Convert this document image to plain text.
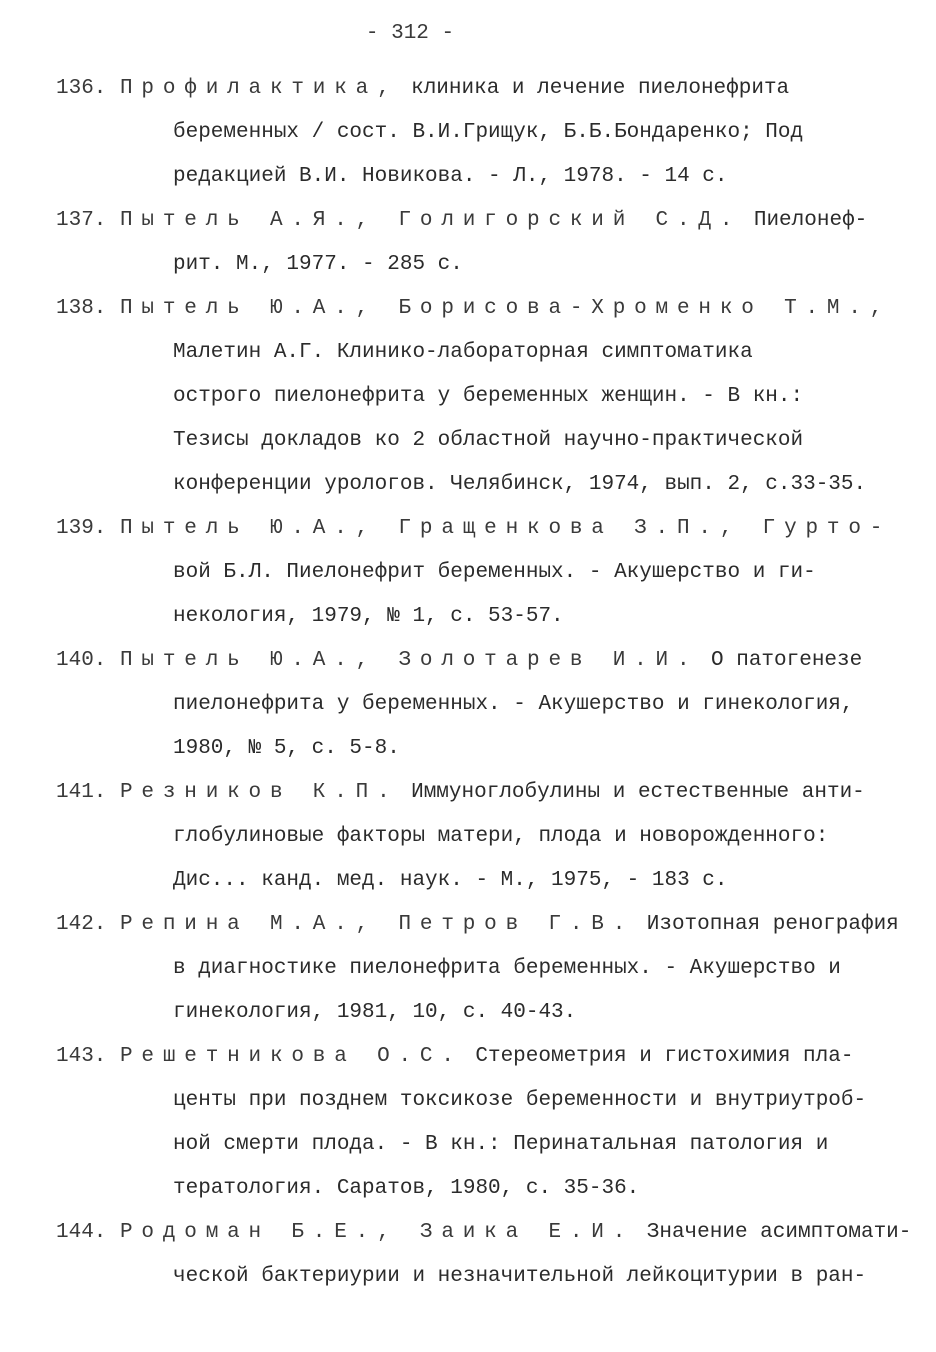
- 312 -
136. Профилактика, клиника и лечение пиелонефрита
беременных / сост. В.И.Грищук, Б.Б.Бондаренко; Под
редакцией В.И. Новикова. - Л., 1978. - 14 с.
137. Пытель А.Я., Голигорский С.Д. Пиелонеф-
рит. М., 1977. - 285 с.
138. Пытель Ю.А., Борисова-Хроменко Т.М.,
Малетин А.Г. Клинико-лабораторная симптоматика
острого пиелонефрита у беременных женщин. - В кн.:
Тезисы докладов ко 2 областной научно-практической
конференции урологов. Челябинск, 1974, вып. 2, с.33-35.
139. Пытель Ю.А., Гращенкова З.П., Гурто-
вой Б.Л. Пиелонефрит беременных. - Акушерство и ги-
некология, 1979, № 1, с. 53-57.
140. Пытель Ю.А., Золотарев И.И. О патогенезе
пиелонефрита у беременных. - Акушерство и гинекология,
1980, № 5, с. 5-8.
141. Резников К.П. Иммуноглобулины и естественные анти-
глобулиновые факторы матери, плода и новорожденного:
Дис... канд. мед. наук. - М., 1975, - 183 с.
142. Репина М.А., Петров Г.В. Изотопная ренография
в диагностике пиелонефрита беременных. - Акушерство и
гинекология, 1981, 10, с. 40-43.
143. Решетникова О.С. Стереометрия и гистохимия пла-
центы при позднем токсикозе беременности и внутриутроб-
ной смерти плода. - В кн.: Перинатальная патология и
тератология. Саратов, 1980, с. 35-36.
144. Родоман Б.Е., Заика Е.И. Значение асимптомати-
ческой бактериурии и незначительной лейкоцитурии в ран-
